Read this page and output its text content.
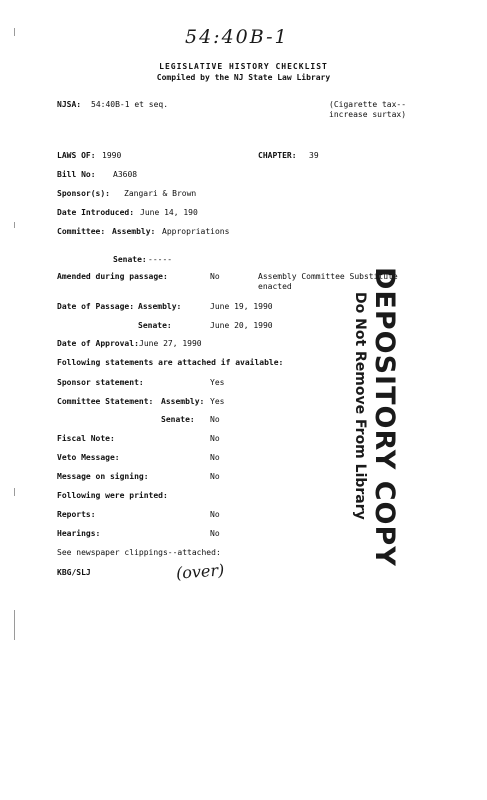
54:40B-1
LEGISLATIVE HISTORY CHECKLIST
Compiled by the NJ State Law Library
NJSA: 54:40B-1 et seq.	(Cigarette tax--
increase surtax)
LAWS OF: 1990	CHAPTER: 39
Bill No: A3608
Sponsor(s): Zangari & Brown
Date Introduced: June 14, 190
Committee: Assembly: Appropriations
Senate: -----
Amended during passage:	No	Assembly Committee Substitute
enacted
Date of Passage: Assembly:	June 19, 1990
Senate:	June 20, 1990
Date of Approval: June 27, 1990
Following statements are attached if available:
Sponsor statement:	Yes
Committee Statement: Assembly: Yes
Senate: No
Fiscal Note:	No
Veto Message:	No
Message on signing:	No
Following were printed:
Reports:	No
Hearings:	No
See newspaper clippings--attached:
KBG/SLJ	(over)
DEPOSITORY COPY
Do Not Remove From Library
